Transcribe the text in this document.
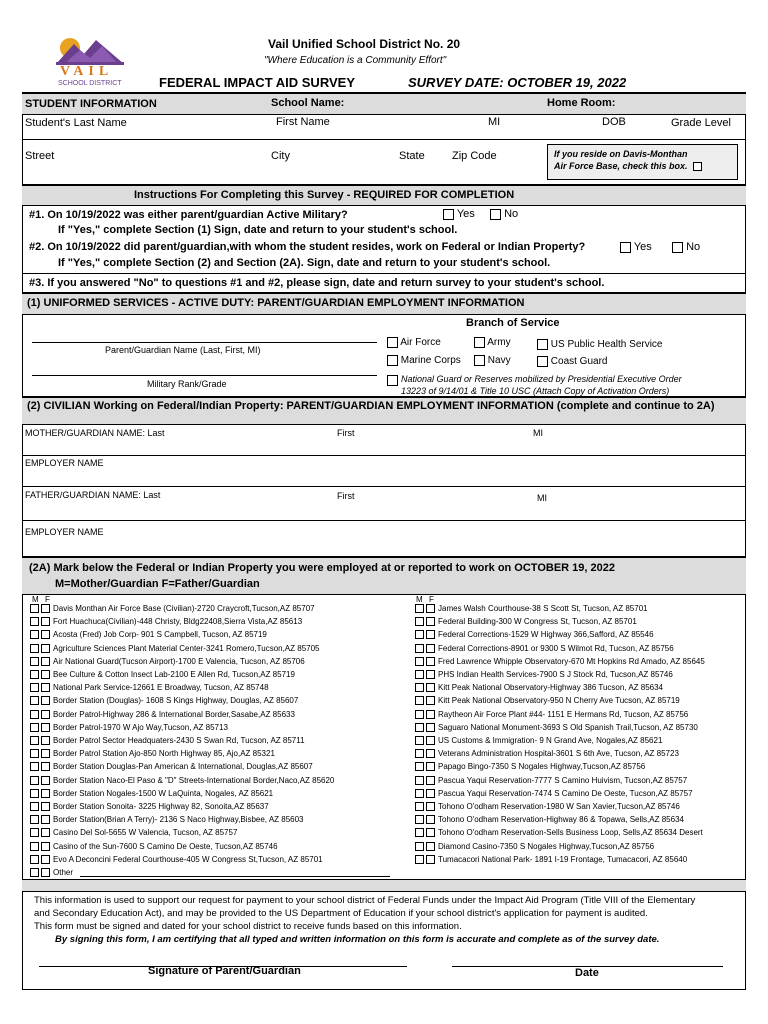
VAIL
SCHOOL DISTRICT
Vail Unified School District No. 20
"Where Education is a Community Effort"
FEDERAL IMPACT AID SURVEY	SURVEY DATE: OCTOBER 19, 2022
STUDENT INFORMATION	School Name:	Home Room:
Student's Last Name	First Name	MI	DOB	Grade Level
Street	City	State Zip Code	If you reside on Davis-Monthan
Air Force Base, check this box.
Instructions For Completing this Survey - REQUIRED FOR COMPLETION
#1. On 10/19/2022 was either parent/guardian Active Military?	Yes	No
If "Yes," complete Section (1) Sign, date and return to your student's school.
#2. On 10/19/2022 did parent/guardian,with whom the student resides, work on Federal or Indian Property?	Yes	No
If "Yes," complete Section (2) and Section (2A). Sign, date and return to your student's school.
#3. If you answered "No" to questions #1 and #2, please sign, date and return survey to your student's school.
(1) UNIFORMED SERVICES - ACTIVE DUTY: PARENT/GUARDIAN EMPLOYMENT INFORMATION
Branch of Service
Parent/Guardian Name (Last, First, MI)
Military Rank/Grade
Air Force	Army	US Public Health Service
Marine Corps	Navy	Coast Guard
National Guard or Reserves mobilized by Presidential Executive Order
13223 of 9/14/01 & Title 10 USC (Attach Copy of Activation Orders)
(2) CIVILIAN Working on Federal/Indian Property: PARENT/GUARDIAN EMPLOYMENT INFORMATION (complete and continue to 2A)
MOTHER/GUARDIAN NAME: Last	First	MI
EMPLOYER NAME
FATHER/GUARDIAN NAME: Last	First	MI
EMPLOYER NAME
(2A) Mark below the Federal or Indian Property you were employed at or reported to work on OCTOBER 19, 2022
M=Mother/Guardian F=Father/Guardian
M F	M F
Davis Monthan Air Force Base (Civilian)-2720 Craycroft,Tucson,AZ 85707
Fort Huachuca(Civilian)-448 Christy, Bldg22408,Sierra Vista,AZ 85613
Acosta (Fred) Job Corp- 901 S Campbell, Tucson, AZ 85719
Agriculture Sciences Plant Material Center-3241 Romero,Tucson,AZ 85705
Air National Guard(Tucson Airport)-1700 E Valencia, Tucson, AZ 85706
Bee Culture & Cotton Insect Lab-2100 E Allen Rd, Tucson,AZ 85719
National Park Service-12661 E Broadway, Tucson, AZ 85748
Border Station (Douglas)- 1608 S Kings Highway, Douglas, AZ 85607
Border Patrol-Highway 286 & International Border,Sasabe,AZ 85633
Border Patrol-1970 W Ajo Way,Tucson, AZ 85713
Border Patrol Sector Headquaters-2430 S Swan Rd, Tucson, AZ 85711
Border Patrol Station Ajo-850 North Highway 85, Ajo,AZ 85321
Border Station Douglas-Pan American & International, Douglas,AZ 85607
Border Station Naco-El Paso & "D" Streets-International Border,Naco,AZ 85620
Border Station Nogales-1500 W LaQuinta, Nogales, AZ 85621
Border Station Sonoita- 3225 Highway 82, Sonoita,AZ 85637
Border Station(Brian A Terry)- 2136 S Naco Highway,Bisbee, AZ 85603
Casino Del Sol-5655 W Valencia, Tucson, AZ 85757
Casino of the Sun-7600 S Camino De Oeste, Tucson,AZ 85746
Evo A Deconcini Federal Courthouse-405 W Congress St,Tucson, AZ 85701
Other
James Walsh Courthouse-38 S Scott St, Tucson, AZ 85701
Federal Building-300 W Congress St, Tucson, AZ 85701
Federal Corrections-1529 W Highway 366,Safford, AZ 85546
Federal Corrections-8901 or 9300 S Wilmot Rd, Tucson, AZ 85756
Fred Lawrence Whipple Observatory-670 Mt Hopkins Rd Amado, AZ 85645
PHS Indian Health Services-7900 S J Stock Rd, Tucson,AZ 85746
Kitt Peak National Observatory-Highway 386 Tucson, AZ 85634
Kitt Peak National Observatory-950 N Cherry Ave Tucson, AZ 85719
Raytheon Air Force Plant #44- 1151 E Hermans Rd, Tucson, AZ 85756
Saguaro National Monument-3693 S Old Spanish Trail,Tucson, AZ 85730
US Customs & Immigration- 9 N Grand Ave, Nogales,AZ 85621
Veterans Administration Hospital-3601 S 6th Ave, Tucson, AZ 85723
Papago Bingo-7350 S Nogales Highway,Tucson,AZ 85756
Pascua Yaqui Reservation-7777 S Camino Huivism, Tucson,AZ 85757
Pascua Yaqui Reservation-7474 S Camino De Oeste, Tucson,AZ 85757
Tohono O'odham Reservation-1980 W San Xavier,Tucson,AZ 85746
Tohono O'odham Reservation-Highway 86 & Topawa, Sells,AZ 85634
Tohono O'odham Reservation-Sells Business Loop, Sells,AZ 85634 Desert
Diamond Casino-7350 S Nogales Highway,Tucson,AZ 85756
Tumacacori National Park- 1891 I-19 Frontage, Tumacacori, AZ 85640
This information is used to support our request for payment to your school district of Federal Funds under the Impact Aid Program (Title VIII of the Elementary
and Secondary Education Act), and may be provided to the US Department of Education if your school district's application for payment is audited.
This form must be signed and dated for your school district to receive funds based on this information.
By signing this form, I am certifying that all typed and written information on this form is accurate and complete as of the survey date.
Signature of Parent/Guardian	Date
